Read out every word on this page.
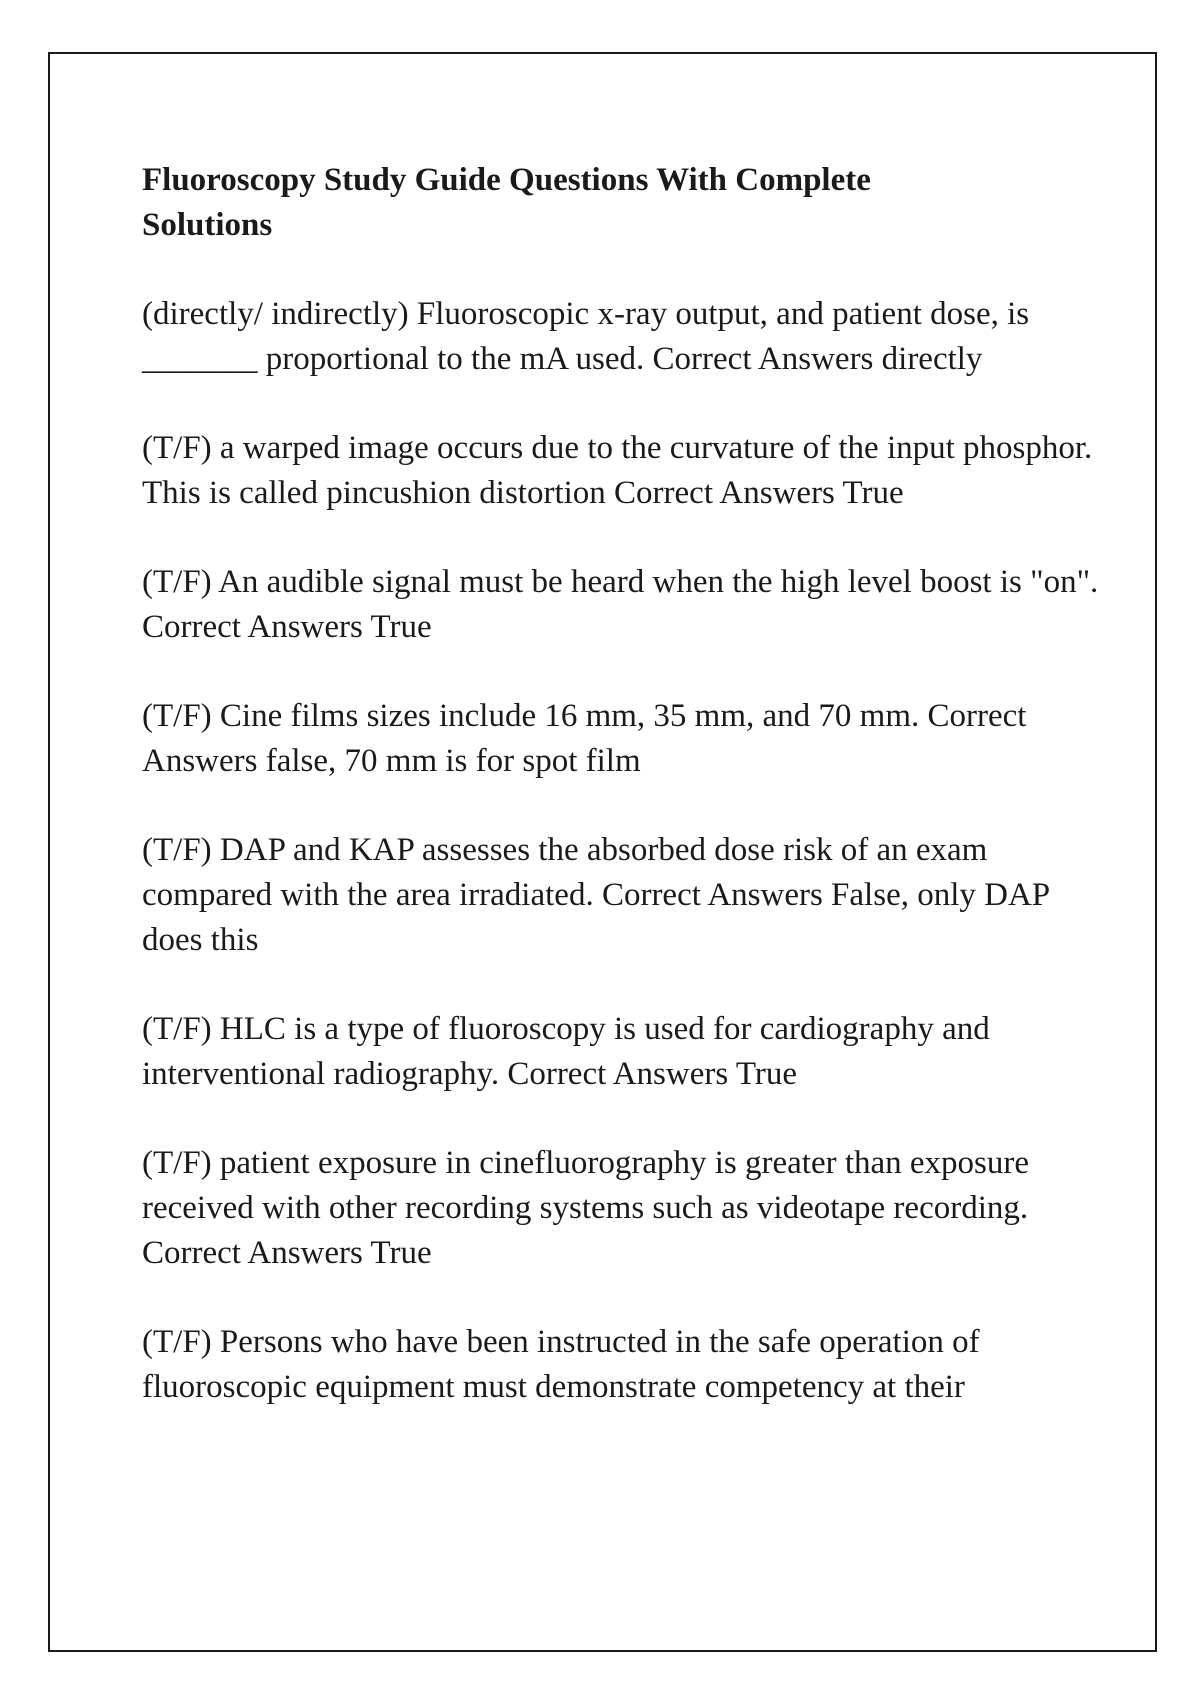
Fluoroscopy Study Guide Questions With Complete Solutions

(directly/ indirectly) Fluoroscopic x-ray output, and patient dose, is _______ proportional to the mA used. Correct Answers directly

(T/F) a warped image occurs due to the curvature of the input phosphor. This is called pincushion distortion Correct Answers True

(T/F) An audible signal must be heard when the high level boost is "on". Correct Answers True

(T/F) Cine films sizes include 16 mm, 35 mm, and 70 mm. Correct Answers false, 70 mm is for spot film

(T/F) DAP and KAP assesses the absorbed dose risk of an exam compared with the area irradiated. Correct Answers False, only DAP does this

(T/F) HLC is a type of fluoroscopy is used for cardiography and interventional radiography. Correct Answers True

(T/F) patient exposure in cinefluorography is greater than exposure received with other recording systems such as videotape recording. Correct Answers True

(T/F) Persons who have been instructed in the safe operation of fluoroscopic equipment must demonstrate competency at their
